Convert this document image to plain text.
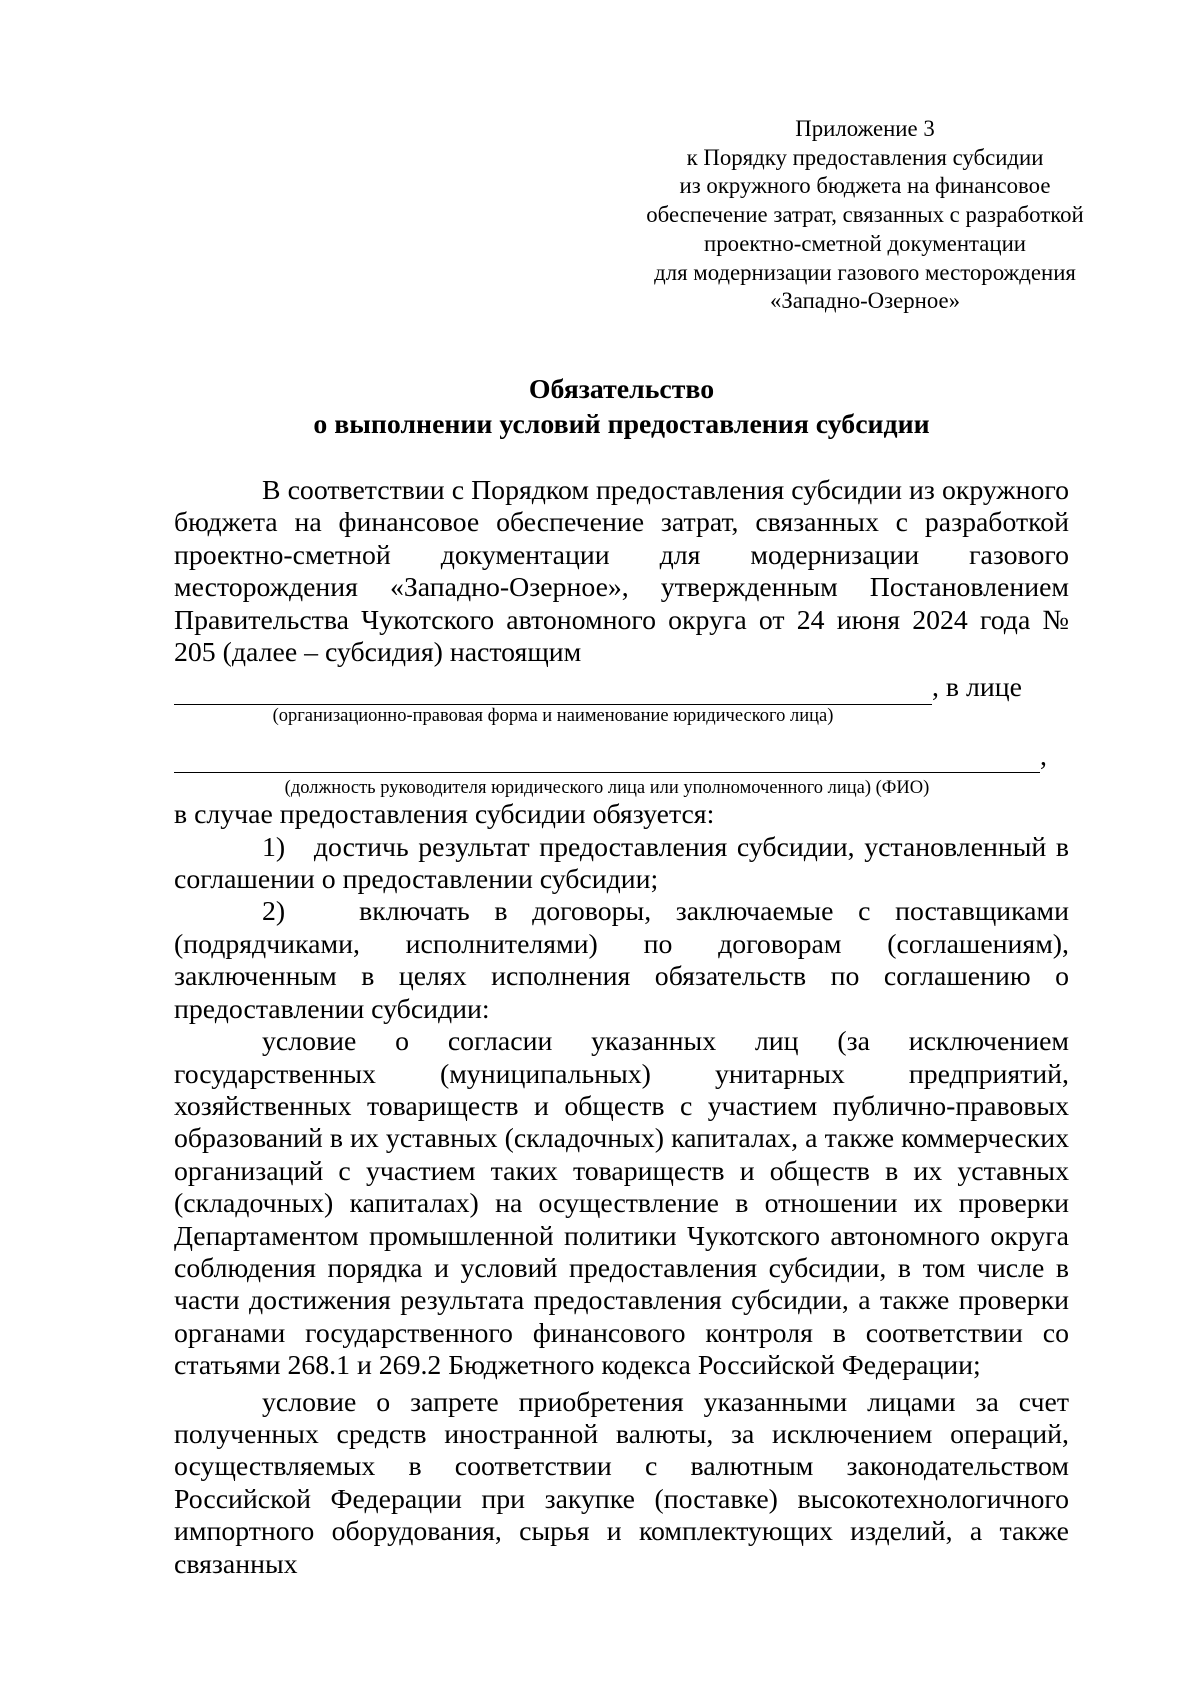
Приложение 3
к Порядку предоставления субсидии
из окружного бюджета на финансовое
обеспечение затрат, связанных с разработкой
проектно-сметной документации
для модернизации газового месторождения
«Западно-Озерное»
Обязательство
о выполнении условий предоставления субсидии

В соответствии с Порядком предоставления субсидии из окружного бюджета на финансовое обеспечение затрат, связанных с разработкой проектно-сметной документации для модернизации газового месторождения «Западно-Озерное», утвержденным Постановлением Правительства Чукотского автономного округа от 24 июня 2024 года № 205 (далее – субсидия) настоящим

, в лице
(организационно-правовая форма и наименование юридического лица)
,
(должность руководителя юридического лица или уполномоченного лица) (ФИО)

в случае предоставления субсидии обязуется:

1)   достичь результат предоставления субсидии, установленный в соглашении о предоставлении субсидии;

2)   включать в договоры, заключаемые с поставщиками (подрядчиками, исполнителями) по договорам (соглашениям), заключенным в целях исполнения обязательств по соглашению о предоставлении субсидии:

условие о согласии указанных лиц (за исключением государственных (муниципальных) унитарных предприятий, хозяйственных товариществ и обществ с участием публично-правовых образований в их уставных (складочных) капиталах, а также коммерческих организаций с участием таких товариществ и обществ в их уставных (складочных) капиталах) на осуществление в отношении их проверки Департаментом промышленной политики Чукотского автономного округа соблюдения порядка и условий предоставления субсидии, в том числе в части достижения результата предоставления субсидии, а также проверки органами государственного финансового контроля в соответствии со статьями 268.1 и 269.2 Бюджетного кодекса Российской Федерации;

условие о запрете приобретения указанными лицами за счет полученных средств иностранной валюты, за исключением операций, осуществляемых в соответствии с валютным законодательством Российской Федерации при закупке (поставке) высокотехнологичного импортного оборудования, сырья и комплектующих изделий, а также связанных
